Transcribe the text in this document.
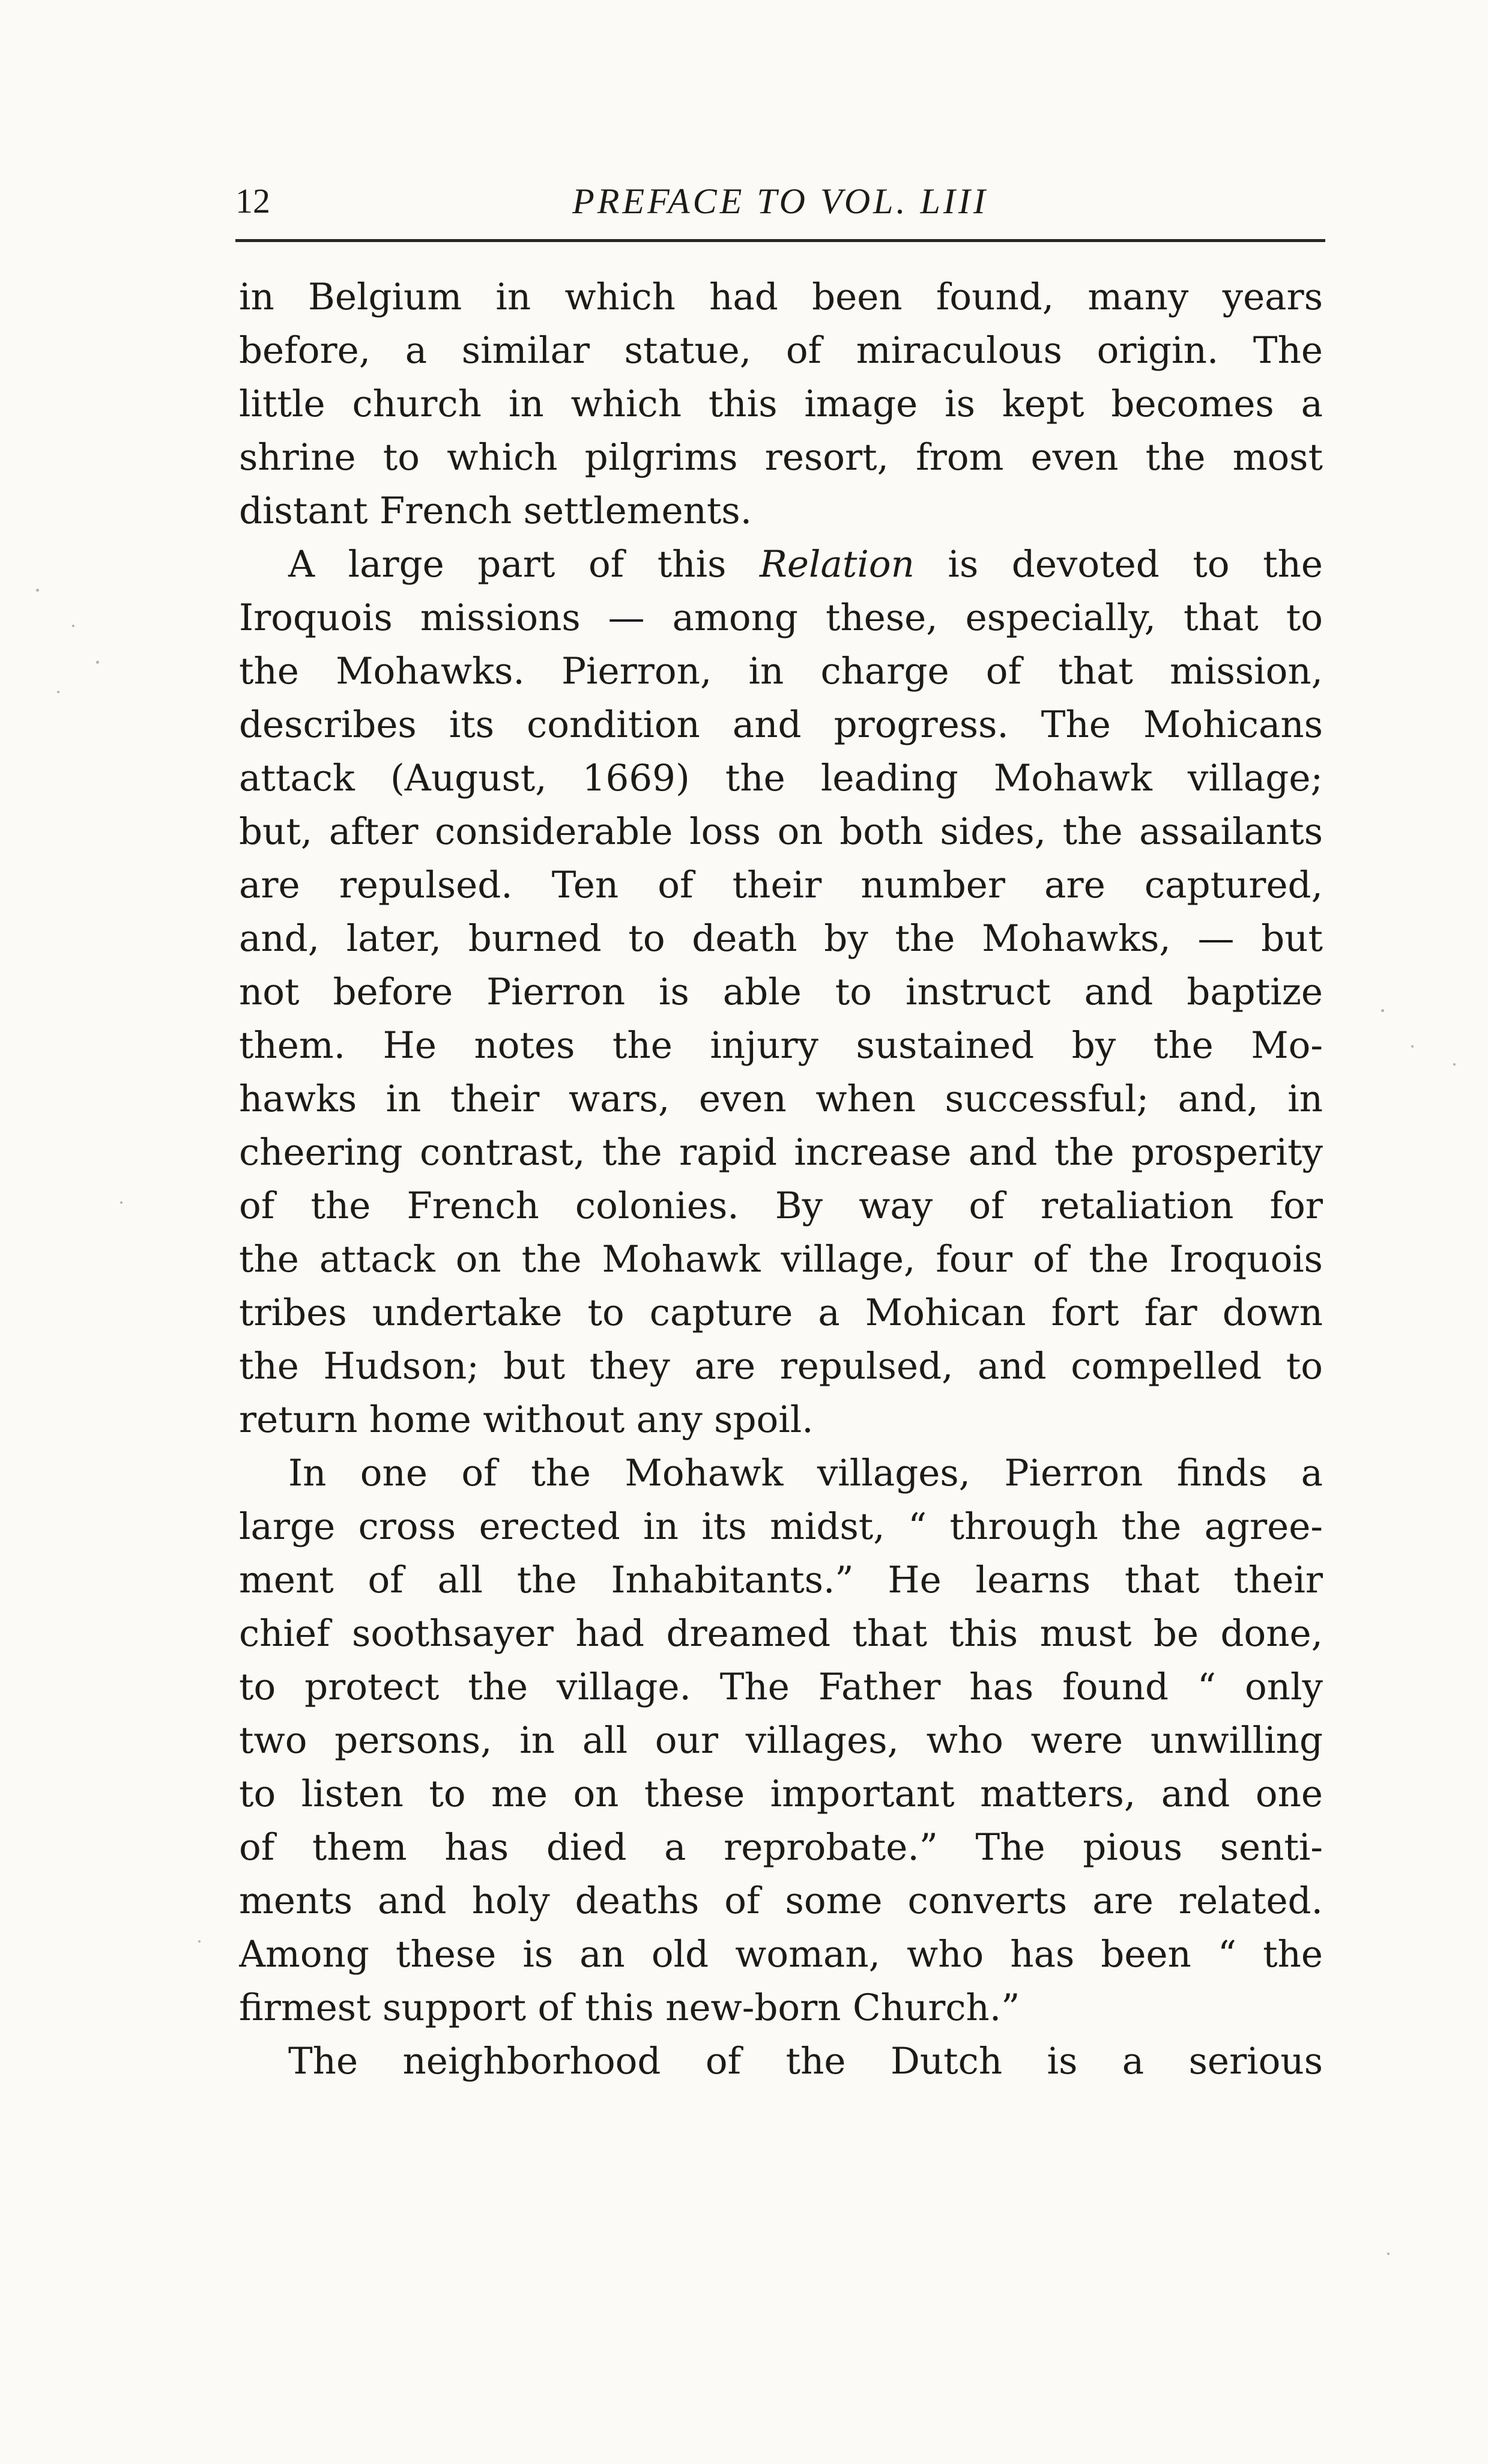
12	PREFACE TO VOL. LIII
in Belgium in which had been found, many years
before, a similar statue, of miraculous origin. The
little church in which this image is kept becomes a
shrine to which pilgrims resort, from even the most
distant French settlements.
A large part of this Relation is devoted to the
Iroquois missions — among these, especially, that to
the Mohawks. Pierron, in charge of that mission,
describes its condition and progress. The Mohicans
attack (August, 1669) the leading Mohawk village;
but, after considerable loss on both sides, the assailants
are repulsed. Ten of their number are captured,
and, later, burned to death by the Mohawks, — but
not before Pierron is able to instruct and baptize
them. He notes the injury sustained by the Mo-
hawks in their wars, even when successful; and, in
cheering contrast, the rapid increase and the prosperity
of the French colonies. By way of retaliation for
the attack on the Mohawk village, four of the Iroquois
tribes undertake to capture a Mohican fort far down
the Hudson; but they are repulsed, and compelled to
return home without any spoil.
In one of the Mohawk villages, Pierron finds a
large cross erected in its midst, “ through the agree-
ment of all the Inhabitants.” He learns that their
chief soothsayer had dreamed that this must be done,
to protect the village. The Father has found “ only
two persons, in all our villages, who were unwilling
to listen to me on these important matters, and one
of them has died a reprobate.” The pious senti-
ments and holy deaths of some converts are related.
Among these is an old woman, who has been “ the
firmest support of this new-born Church.”
The neighborhood of the Dutch is a serious
